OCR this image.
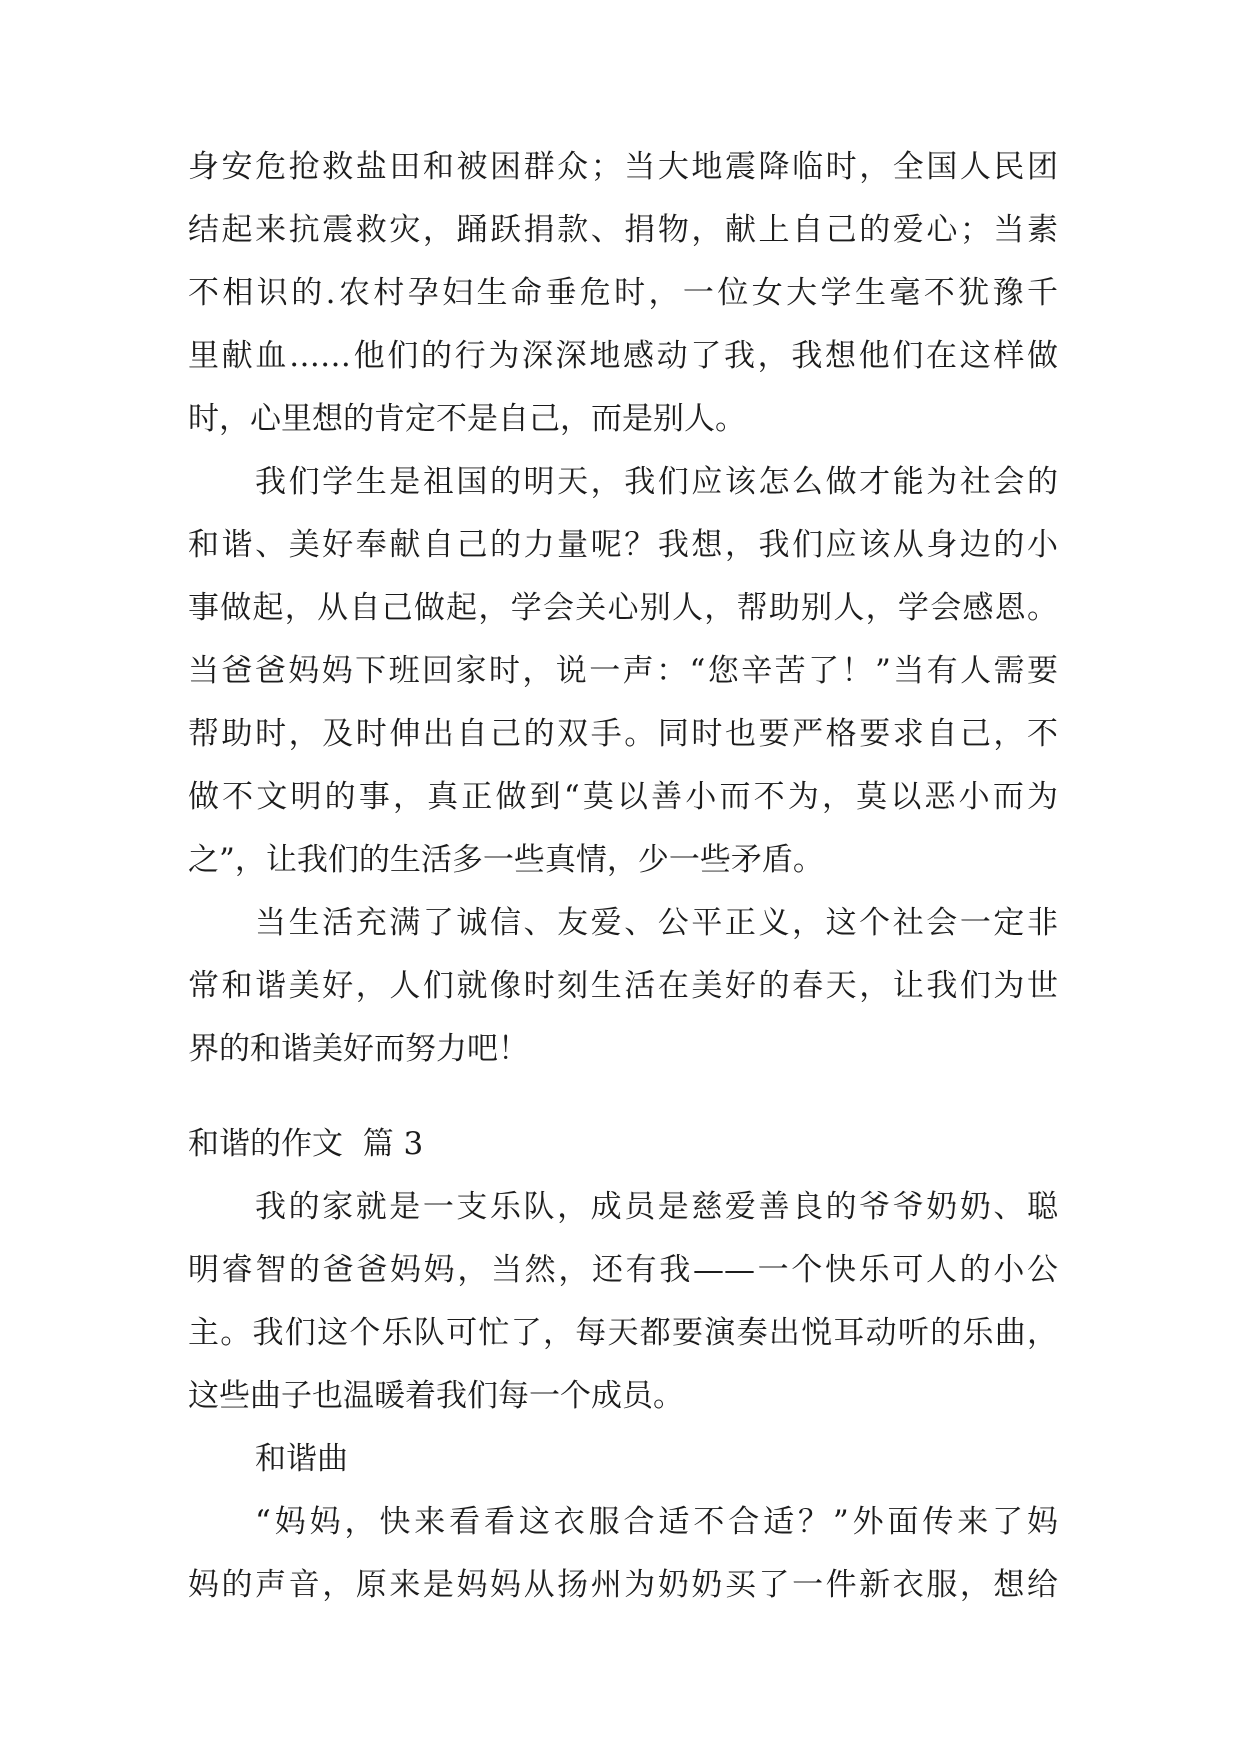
身安危抢救盐田和被困群众；当大地震降临时，全国人民团
结起来抗震救灾，踊跃捐款、捐物，献上自己的爱心；当素
不相识的.农村孕妇生命垂危时，一位女大学生毫不犹豫千
里献血……他们的行为深深地感动了我，我想他们在这样做
时，心里想的肯定不是自己，而是别人。
我们学生是祖国的明天，我们应该怎么做才能为社会的
和谐、美好奉献自己的力量呢？我想，我们应该从身边的小
事做起，从自己做起，学会关心别人，帮助别人，学会感恩。
当爸爸妈妈下班回家时，说一声：“您辛苦了！”当有人需要
帮助时，及时伸出自己的双手。同时也要严格要求自己，不
做不文明的事，真正做到“莫以善小而不为，莫以恶小而为
之”，让我们的生活多一些真情，少一些矛盾。
当生活充满了诚信、友爱、公平正义，这个社会一定非
常和谐美好，人们就像时刻生活在美好的春天，让我们为世
界的和谐美好而努力吧！
和谐的作文  篇 3
我的家就是一支乐队，成员是慈爱善良的爷爷奶奶、聪
明睿智的爸爸妈妈，当然，还有我——一个快乐可人的小公
主。我们这个乐队可忙了，每天都要演奏出悦耳动听的乐曲，
这些曲子也温暖着我们每一个成员。
和谐曲
“妈妈，快来看看这衣服合适不合适？”外面传来了妈
妈的声音，原来是妈妈从扬州为奶奶买了一件新衣服，想给
